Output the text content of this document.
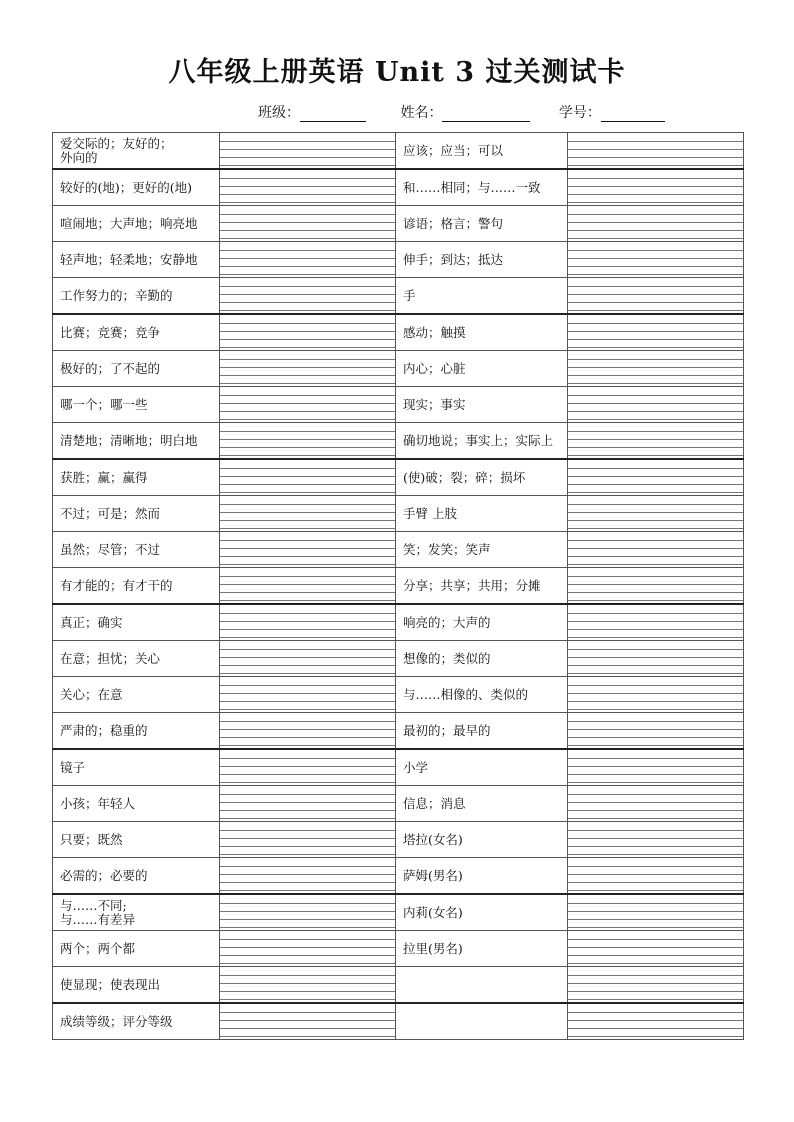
八年级上册英语 Unit 3 过关测试卡
班级：	姓名：	学号：
爱交际的；友好的；
外向的		应该；应当；可以	

较好的(地)；更好的(地)		和……相同；与……一致	

喧闹地；大声地；响亮地		谚语；格言；警句	

轻声地；轻柔地；安静地		伸手；到达；抵达	

工作努力的；辛勤的		手	

比赛；竞赛；竞争		感动；触摸	

极好的；了不起的		内心；心脏	

哪一个；哪一些		现实；事实	

清楚地；清晰地；明白地		确切地说；事实上；实际上	

获胜；赢；赢得		(使)破；裂；碎；损坏	

不过；可是；然而		手臂 上肢	

虽然；尽管；不过		笑；发笑；笑声	

有才能的；有才干的		分享；共享；共用；分摊	

真正；确实		响亮的；大声的	

在意；担忧；关心		想像的；类似的	

关心；在意		与……相像的、类似的	

严肃的；稳重的		最初的；最早的	

镜子		小学	

小孩；年轻人		信息；消息	

只要；既然		塔拉(女名)	

必需的；必要的		萨姆(男名)	

与……不同;
与……有差异		内莉(女名)	

两个；两个都		拉里(男名)	

使显现；使表现出	

成绩等级；评分等级	
